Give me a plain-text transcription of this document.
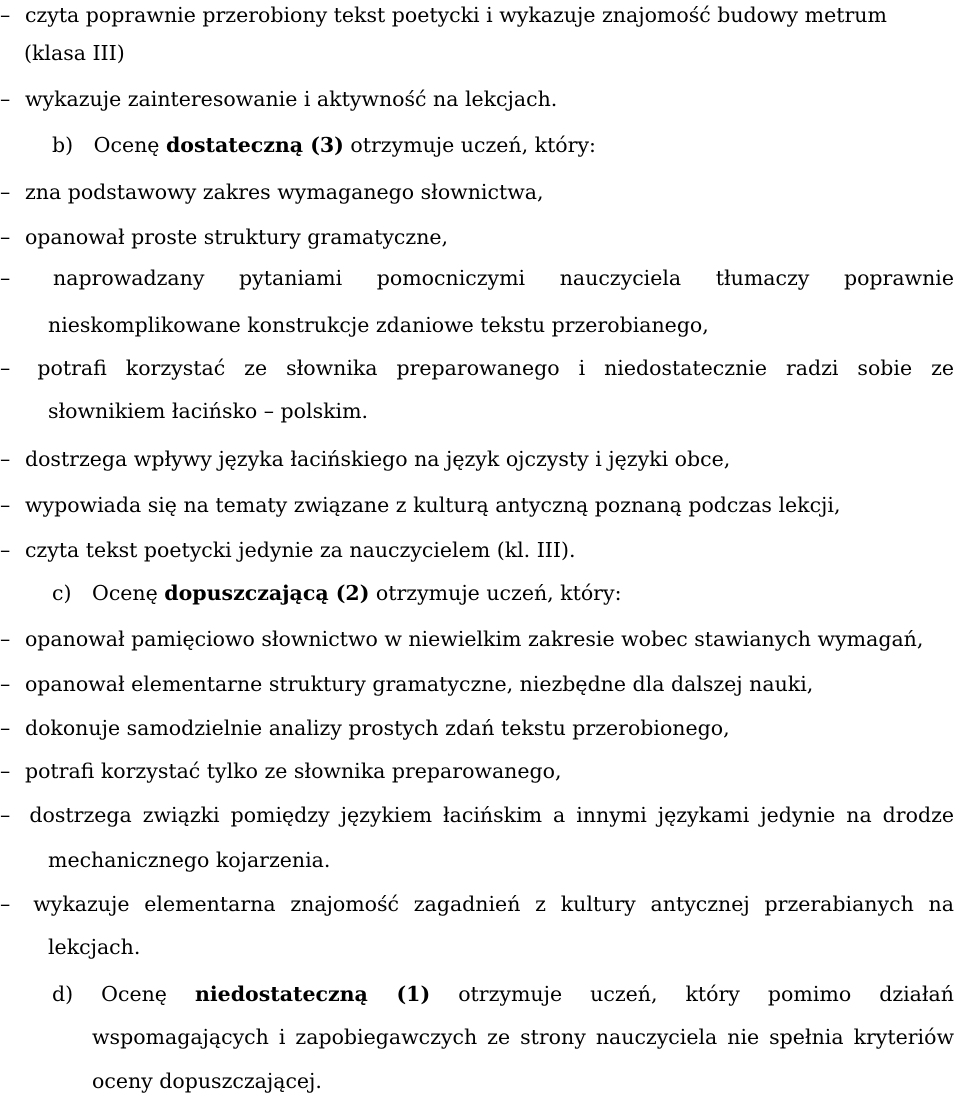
– czyta poprawnie przerobiony tekst poetycki i wykazuje znajomość budowy metrum
(klasa III)
– wykazuje zainteresowanie i aktywność na lekcjach.
b) Ocenę dostateczną (3) otrzymuje uczeń, który:
– zna podstawowy zakres wymaganego słownictwa,
– opanował proste struktury gramatyczne,
– naprowadzany pytaniami pomocniczymi nauczyciela tłumaczy poprawnie
nieskomplikowane konstrukcje zdaniowe tekstu przerobianego,
– potrafi korzystać ze słownika preparowanego i niedostatecznie radzi sobie ze
słownikiem łacińsko – polskim.
– dostrzega wpływy języka łacińskiego na język ojczysty i języki obce,
– wypowiada się na tematy związane z kulturą antyczną poznaną podczas lekcji,
– czyta tekst poetycki jedynie za nauczycielem (kl. III).
c) Ocenę dopuszczającą (2) otrzymuje uczeń, który:
– opanował pamięciowo słownictwo w niewielkim zakresie wobec stawianych wymagań,
– opanował elementarne struktury gramatyczne, niezbędne dla dalszej nauki,
– dokonuje samodzielnie analizy prostych zdań tekstu przerobionego,
– potrafi korzystać tylko ze słownika preparowanego,
– dostrzega związki pomiędzy językiem łacińskim a innymi językami jedynie na drodze
mechanicznego kojarzenia.
– wykazuje elementarna znajomość zagadnień z kultury antycznej przerabianych na
lekcjach.
d) Ocenę niedostateczną (1) otrzymuje uczeń, który pomimo działań
wspomagających i zapobiegawczych ze strony nauczyciela nie spełnia kryteriów
oceny dopuszczającej.
